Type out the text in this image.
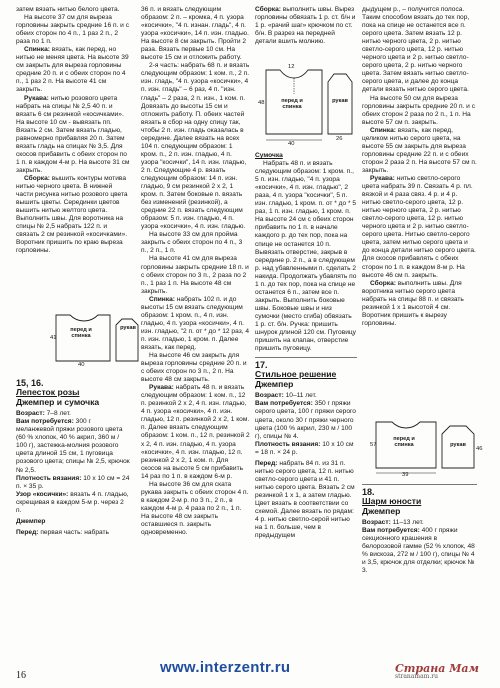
затем вязать нитью белого цвета.

На высоте 37 см для выреза горловины закрыть средние 16 п. и с обеих сторон по 4 п., 1 раз 2 п., 2 раза по 1 п.

Спинка: вязать, как перед, но нитью не меняя цвета. На высоте 39 см закрыть для выреза горловины средние 20 п. и с обеих сторон по 4 п., 1 раз 2 п. На высоте 41 см закрыть.

Рукава: нитью розового цвета набрать на спицы № 2,5 40 п. и вязать 6 см резинкой «косичками». На высоте 10 см - вывязать пп. Вязать 2 см. Затем вязать гладью, равномерно прибавляя 20 п. Затем вязать гладь на спицах № 3,5. Для скосов прибавить с обеих сторон по 1 п. в каждом 4-м р. На высоте 31 см закрыть.

Сборка: вышить контуры мотива нитью черного цвета. В нижней части рисунка нитью розового цвета вышить цветы. Серединки цветов вышить нитью желтого цвета. Выполнить швы. Для воротника на спицы № 2,5 набрать 122 п. и связать 2 см резинкой «косичками». Воротник пришить по краю выреза горловины.

перед и спинка
рукав
40
41

15, 16.

Лепесток розы

Джемпер и сумочка

Возраст: 7–8 лет.

Вам потребуется: 300 г меланжевой пряжи розового цвета (60 % хлопок, 40 % акрил, 360 м / 100 г), застежка-молния розового цвета длиной 15 см, 1 пуговица розового цвета; спицы № 2,5, крючок № 2,5.

Плотность вязания: 10 х 10 см = 24 п. × 35 р.

Узор «косички»: вязать 4 п. гладью, скрещивая в каждом 5-м р. через 2 п.

Джемпер

Перед: первая часть: набрать

36 п. и вязать следующим образом: 2 п. – кромка, 4 п. узора «косички», "4 п. изнан. гладь", 4 п. узора «косички», 14 п. изн. гладью. На высоте 8 см закрыть. Пройти 2 раза. Вязать первые 10 см. На высоте 15 см и отложить работу.

2-я часть: набрать 68 п. и вязать следующим образом: 1 ком. п., 2 п. изн. гладь, "4 п. узора «косички», 4 п. изн. гладь" – 6 раз, 4 п. "изн. гладь" – 2 раза, 2 п. изн., 1 ком. п. Довязать до высоты 15 см и отложить работу. П. обеих частей вязать в сбор на одну спицу так, чтобы 2 п. изн. гладь оказалась в середине. Далее вязать на всех 104 п. следующим образом: 1 кром. п., 2 п. изн. гладью, 4 п. узора "косички", 14 п. изн. гладью, 2 п. Следующие 4 р. вязать следующим образом: 14 п. изн. гладью, 9 см резинкой 2 х 2, 1 кром. п. Затем боковые п. вязать без изменений (резинкой), а средние 22 п. вязать следующим образом: 5 п. изн. гладью, 4 п. узора «косички», 4 п. изн. гладью.

На высоте 33 см для пройма закрыть с обеих сторон по 4 п., 3 п., 2 п., 1 п.

На высоте 41 см для выреза горловины закрыть средние 18 п. и с обеих сторон по 3 п., 2 раза по 2 п., 1 раз 1 п. На высоте 48 см закрыть.

Спинка: набрать 102 п. и до высоты 15 см вязать следующим образом: 1 кром. п., 4 п. изн. гладью, 4 п. узора «косички», 4 п. изн. гладью, "2 п. от * до * 12 раз, 4 п. изн. гладью, 1 кром. п. Далее вязать, как перед.

На высоте 46 см закрыть для выреза горловины средние 20 п. и с обеих сторон по 3 п., 2 п. На высоте 48 см закрыть.

Рукава: набрать 48 п. и вязать следующим образом: 1 ком. п., 12 п. резинкой 2 х 2, 4 п. изн. гладью, 4 п. узора «косички», 4 п. изн. гладью, 12 п. резинкой 2 х 2, 1 ком. п. Далее вязать следующим образом: 1 ком. п., 12 п. резинкой 2 х 2, 4 п. изн. гладью, 4 п. узора «косички», 4 п. изн. гладью, 12 п. резинкой 2 х 2, 1 ком. п. Для скосов на высоте 5 см прибавить 14 раз по 1 п. в каждом 6-м р.

На высоте 36 см для ската рукава закрыть с обеих сторон 4 п. в каждом 2-м р. по 3 п., 2 п., в каждом 4-м р. 4 раза по 2 п., 1 п. На высоте 48 см закрыть оставшиеся п. закрыть одновременно.

Сборка: выполнить швы. Вырез горловины обвязать 1 р. ст. б/н и 1 р. «рачий шаг» крючком по ст. б/н. В разрез на передней детали вшить молнию.

перед и спинка
рукав
12
40
48
26

Сумочка

Набрать 48 п. и вязать следующим образом: 1 кром. п., 5 п. изн. гладью, "4 п. узора «косички», 4 п. изн. гладью", 2 раза, 4 п. узора "косички", 5 п. изн. гладью, 1 кром. п. от * до * 5 раз, 1 п. изн. гладью, 1 кром. п. На высоте 24 см с обеих сторон прибавить по 1 п. в начале каждого р. до тех пор, пока на спице не останется 10 п. Вывязать отверстие, закрыв в середине р. 2 п., а в следующем р. над убавленными п. сделать 2 накида. Продолжать убавлять по 1 п. до тех пор, пока на спице не останется 6 п., затем все п. закрыть. Выполнить боковые швы. Боковые швы и низ сумочки (место сгиба) обвязать 1 р. ст. б/н. Ручка: пришить шнурок длиной 120 см. Пуговицу пришить на клапан, отверстие пришить пуговицу.

17.

Стильное решение

Джемпер

Возраст: 10–11 лет.

Вам потребуется: 350 г пряжи серого цвета, 100 г пряжи серого цвета, около 30 г пряжи черного цвета (100 % акрил, 230 м / 100 г), спицы № 4.

Плотность вязания: 10 х 10 см = 18 п. × 24 р.

Перед: набрать 84 п. из 31 п. нитью серого цвета, 12 п. нитью светло-серого цвета и 41 п. нитью серого цвета. Вязать 2 см резинкой 1 х 1, а затем гладью. Цвет вязать в соответствии со схемой. Далее вязать по рядам: 4 р. нитью светло-серой нитью на 1 п. больше, чем в предыдущем

дыдущем р., – получится полоса. Таким способом вязать до тех пор, пока на спице не останется все п. серого цвета. Затем вязать 12 р. нитью черного цвета, 2 р. нитью светло-серого цвета, 12 р. нитью черного цвета и 2 р. нитью светло-серого цвета, 2 р. нитью черного цвета. Затем вязать нитью светло-серого цвета, и далее до конца детали вязать нитью серого цвета.

На высоте 50 см для выреза горловины закрыть средние 20 п. и с обеих сторон 2 раза по 2 п., 1 п. На высоте 57 см п. закрыть.

Спинка: вязать, как перед, целиком нитью серого цвета, на высоте 55 см закрыть для выреза горловины средние 22 п. и с обеих сторон 2 раза 2 п. На высоте 57 см п. закрыть.

Рукава: нитью светло-серого цвета набрать 39 п. Связать 4 р. пл. вязкой и 4 раза связ. 4 р. и 4 р. нитью светло-серого цвета, 12 р. нитью черного цвета, 2 р. нитью светло-серого цвета, 12 р. нитью черного цвета и 2 р. нитью светло-серого цвета. Нитью светло-серого цвета, затем нитью серого цвета и до конца детали нитью серого цвета. Для скосов прибавлять с обеих сторон по 1 п. в каждом 8-м р. На высоте 46 см п. закрыть.

Сборка: выполнить швы. Для воротника нитью серого цвета набрать на спицы 88 п. и связать резинкой 1 х 1 высотой 4 см. Воротник пришить к вырезу горловины.

перед и спинка	рукав
39
57
46

18.

Шарм юности

Джемпер

Возраст: 11–13 лет.

Вам потребуется: 400 г пряжи секционного крашения в белорозовой гамме (52 % хлопок, 48 % вискоза, 272 м / 100 г), спицы № 4 и 3,5, крючок для отделки; крючок № 3.

16	www.interzentr.ru	Страна Мам
stranamam.ru
